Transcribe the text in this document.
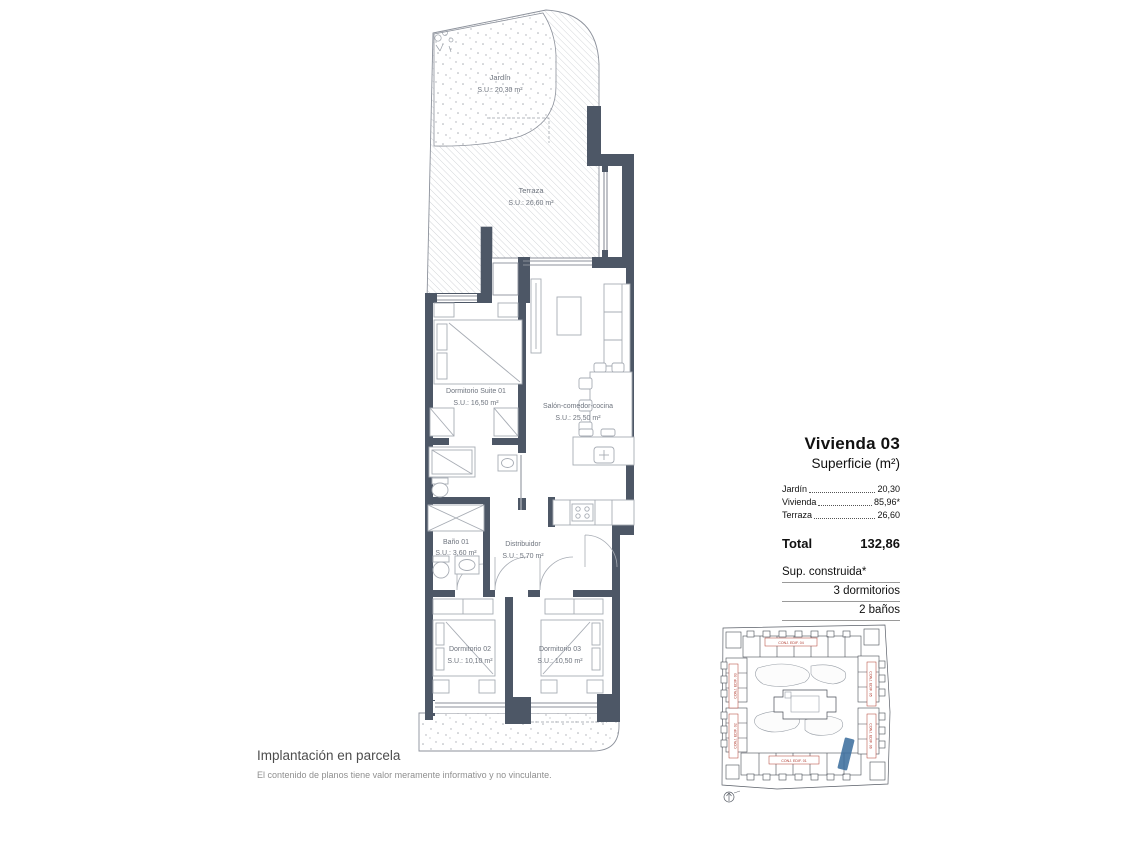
Jardín
S.U.: 20,30 m²
Terraza
S.U.: 26,60 m²
Dormitorio Suite 01
S.U.: 16,50 m²	Salón-comedor-cocina
S.U.: 25,50 m²
Baño 01
S.U.: 3,60 m²
Distribuidor
S.U.: 5,70 m²
Dormitorio 02
S.U.: 10,10 m²
Dormitorio 03
S.U.: 10,50 m²
Vivienda 03
Superficie (m²)
Jardín	20,30
Vivienda	85,96*
Terraza	26,60
Total	132,86
Sup. construida*
3 dormitorios
2 baños
CONJ. EDIF. 04
CONJ. EDIF. 03
CONJ. EDIF. 02
CONJ. EDIF. 05
CONJ. EDIF. 06
CONJ. EDIF. 01
Implantación en parcela
El contenido de planos tiene valor meramente informativo y no vinculante.
